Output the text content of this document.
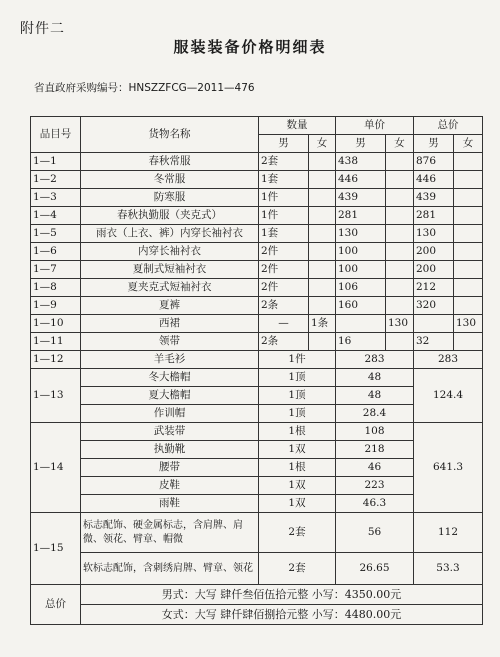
附件二
服装装备价格明细表
省直政府采购编号：HNSZZFCG—2011—476
品目号	货物名称	数量		单价		总价	
		男	女	男	女	男	女
1—1	春秋常服	2套		438		876	
1—2	冬常服	1套		446		446	
1—3	防寒服	1件		439		439	
1—4	春秋执勤服（夹克式）	1件		281		281	
1—5	雨衣（上衣、裤）内穿长袖衬衣	1套		130		130	
1—6	内穿长袖衬衣	2件		100		200	
1—7	夏制式短袖衬衣	2件		100		200	
1—8	夏夹克式短袖衬衣	2件		106		212	
1—9	夏裤	2条		160		320	
1—10	西裙	—	1条		130		130
1—11	领带	2条		16		32	
1—12	羊毛衫	1件		283		283	
1—13	冬大檐帽	1顶		48		124.4	
	夏大檐帽	1顶		48			
	作训帽	1顶		28.4			
1—14	武装带	1根		108		641.3	
	执勤靴	1双		218			
	腰带	1根		46			
	皮鞋	1双		223			
	雨鞋	1双		46.3			
1—15	标志配饰、硬金属标志，含肩牌、肩微、领花、臂章、帽微	2套		56		112	
	软标志配饰，含刺绣肩牌、臂章、领花	2套		26.65		53.3	
总价	男式：大写 肆仟叁佰伍拾元整 小写：4350.00元						
	女式：大写 肆仟肆佰捌拾元整 小写：4480.00元						
